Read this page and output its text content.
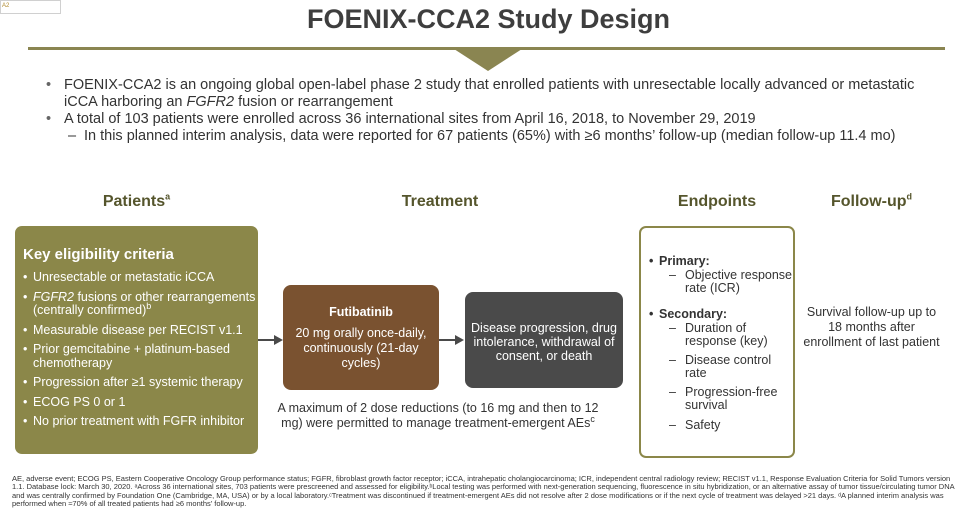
A2	FOENIX-CCA2 Study Design
• FOENIX-CCA2 is an ongoing global open-label phase 2 study that enrolled patients with unresectable locally advanced or metastatic iCCA harboring an FGFR2 fusion or rearrangement
• A total of 103 patients were enrolled across 36 international sites from April 16, 2018, to November 29, 2019
– In this planned interim analysis, data were reported for 67 patients (65%) with ≥6 months’ follow-up (median follow-up 11.4 mo)
Patients$^a$	Treatment	Endpoints	Follow-$up^d$
Key eligibility criteria
• Unresectable or metastatic iCCA
• FGFR2 fusions or other rearrangements (centrally confirmed)$^b$
• Measurable disease per RECIST v1.1
• Prior gemcitabine + platinum-based chemotherapy
• Progression after ≥1 systemic therapy
• ECOG PS 0 or 1
• No prior treatment with FGFR inhibitor
Futibatinib
20 mg orally once-daily, continuously (21-day cycles)
Disease progression, drug intolerance, withdrawal of consent, or death
A maximum of 2 dose reductions (to 16 mg and then to 12 mg) were permitted to manage treatment-emergent AEs$^c$
• Primary:
– Objective response rate (ICR)
• Secondary:
– Duration of response (key)
– Disease control rate
– Progression-free survival
– Safety
Survival follow-up up to 18 months after enrollment of last patient
AE, adverse event; ECOG PS, Eastern Cooperative Oncology Group performance status; FGFR, fibroblast growth factor receptor; iCCA, intrahepatic cholangiocarcinoma; ICR, independent central radiology review; RECIST v1.1, Response Evaluation Criteria for Solid Tumors version 1.1. Database lock: March 30, 2020. ᵃAcross 36 international sites, 703 patients were prescreened and assessed for eligibility.ᵇLocal testing was performed with next-generation sequencing, fluorescence in situ hybridization, or an alternative assay of tumor tissue/circulating tumor DNA and was centrally confirmed by Foundation One (Cambridge, MA, USA) or by a local laboratory.ᶜTreatment was discontinued if treatment-emergent AEs did not resolve after 2 dose modifications or if the next cycle of treatment was delayed >21 days. ᵈA planned interim analysis was performed when ≈70% of all treated patients had ≥6 months’ follow-up.
